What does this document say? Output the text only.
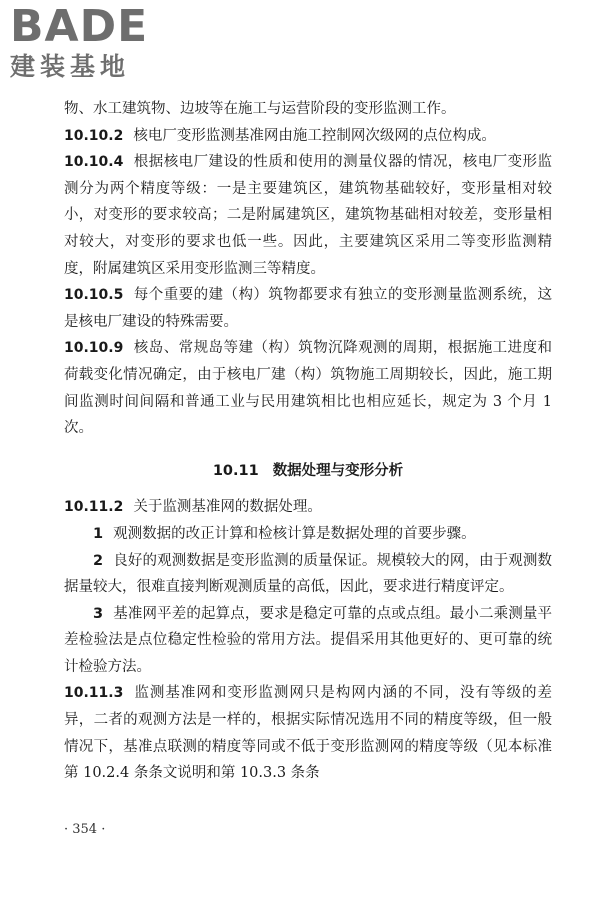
BADE
建装基地

物、水工建筑物、边坡等在施工与运营阶段的变形监测工作。

10.10.2 核电厂变形监测基准网由施工控制网次级网的点位构成。

10.10.4 根据核电厂建设的性质和使用的测量仪器的情况，核电厂变形监测分为两个精度等级：一是主要建筑区，建筑物基础较好，变形量相对较小，对变形的要求较高；二是附属建筑区，建筑物基础相对较差，变形量相对较大，对变形的要求也低一些。因此，主要建筑区采用二等变形监测精度，附属建筑区采用变形监测三等精度。

10.10.5 每个重要的建（构）筑物都要求有独立的变形测量监测系统，这是核电厂建设的特殊需要。

10.10.9 核岛、常规岛等建（构）筑物沉降观测的周期，根据施工进度和荷载变化情况确定，由于核电厂建（构）筑物施工周期较长，因此，施工期间监测时间间隔和普通工业与民用建筑相比也相应延长，规定为 3 个月 1 次。

10.11 数据处理与变形分析

10.11.2 关于监测基准网的数据处理。

1 观测数据的改正计算和检核计算是数据处理的首要步骤。

2 良好的观测数据是变形监测的质量保证。规模较大的网，由于观测数据量较大，很难直接判断观测质量的高低，因此，要求进行精度评定。

3 基准网平差的起算点，要求是稳定可靠的点或点组。最小二乘测量平差检验法是点位稳定性检验的常用方法。提倡采用其他更好的、更可靠的统计检验方法。

10.11.3 监测基准网和变形监测网只是构网内涵的不同，没有等级的差异，二者的观测方法是一样的，根据实际情况选用不同的精度等级，但一般情况下，基准点联测的精度等同或不低于变形监测网的精度等级（见本标准第 10.2.4 条条文说明和第 10.3.3 条条

· 354 ·
